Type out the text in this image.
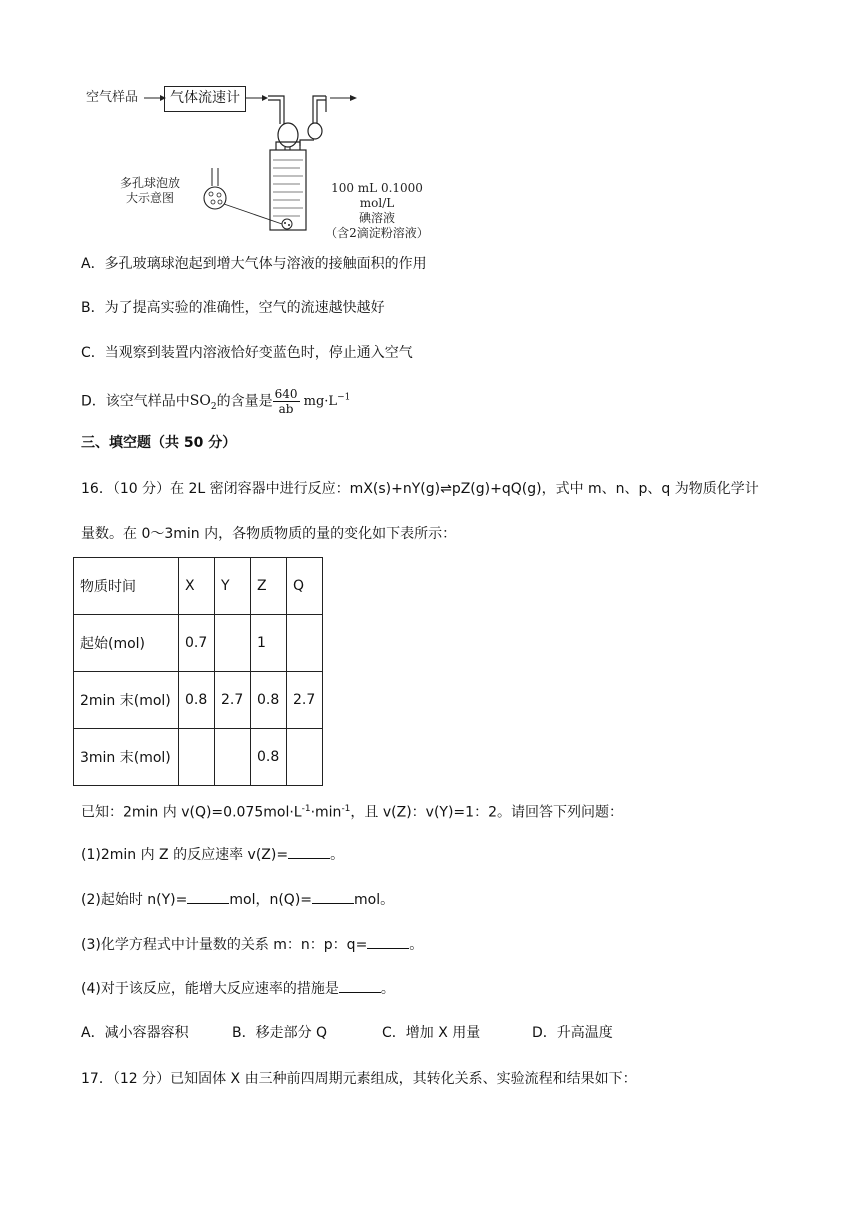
空气样品	气体流速计
多孔球泡放
大示意图
100 mL 0.1000 mol/L
碘溶液
（含2滴淀粉溶液）
A．多孔玻璃球泡起到增大气体与溶液的接触面积的作用
B．为了提高实验的准确性，空气的流速越快越好
C．当观察到装置内溶液恰好变蓝色时，停止通入空气
D．该空气样品中$SO_2$的含量是 $\frac{640}{ab} mg\cdot L^{-1}$
三、填空题（共 50 分）
16．（10 分）在 2L 密闭容器中进行反应：mX(s)+nY(g)⇌pZ(g)+qQ(g)，式中 m、n、p、q 为物质化学计
量数。在 0～3min 内，各物质物质的量的变化如下表所示：
物质时间	X	Y	Z	Q
起始(mol)	0.7		1	
2min 末(mol)	0.8	2.7	0.8	2.7
3min 末(mol)			0.8	
已知：2min 内 $v(Q)=0.075mol\cdot L^{-1}\cdot\min^{-1}$，且 v(Z)：v(Y)=1：2。请回答下列问题：
(1)2min 内 Z 的反应速率 v(Z)=	。
(2)起始时 n(Y)=	mol，n(Q)=	mol。
(3)化学方程式中计量数的关系 m：n：p：q=	。
(4)对于该反应，能增大反应速率的措施是	。
A．减小容器容积	B．移走部分 Q	C．增加 X 用量	D．升高温度
17．（12 分）已知固体 X 由三种前四周期元素组成，其转化关系、实验流程和结果如下：
